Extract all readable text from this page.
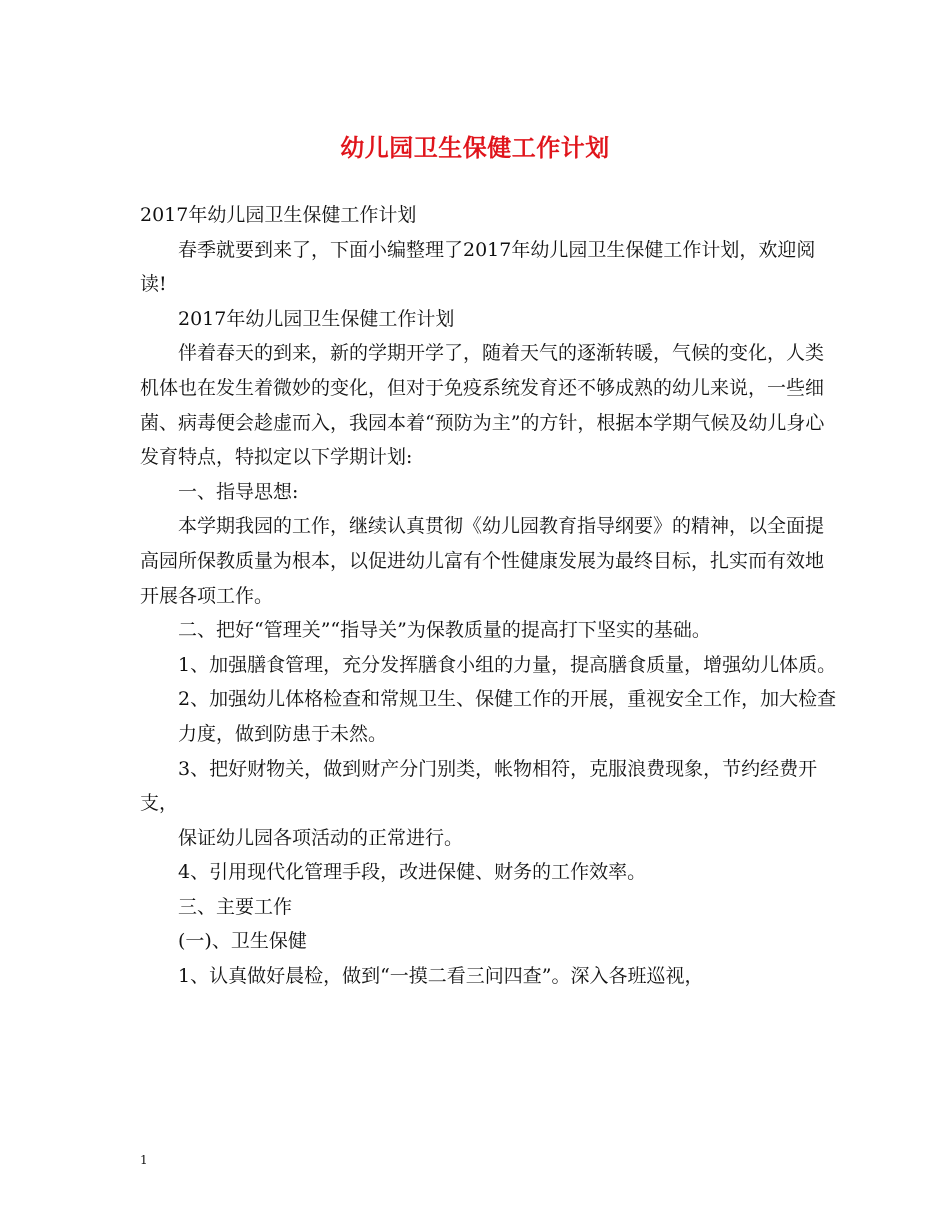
幼儿园卫生保健工作计划

2017年幼儿园卫生保健工作计划

春季就要到来了，下面小编整理了2017年幼儿园卫生保健工作计划，欢迎阅读!

2017年幼儿园卫生保健工作计划

伴着春天的到来，新的学期开学了，随着天气的逐渐转暖，气候的变化，人类机体也在发生着微妙的变化，但对于免疫系统发育还不够成熟的幼儿来说，一些细菌、病毒便会趁虚而入，我园本着“预防为主”的方针，根据本学期气候及幼儿身心发育特点，特拟定以下学期计划:

一、指导思想:

本学期我园的工作，继续认真贯彻《幼儿园教育指导纲要》的精神，以全面提高园所保教质量为根本，以促进幼儿富有个性健康发展为最终目标，扎实而有效地开展各项工作。

二、把好“管理关”“指导关”为保教质量的提高打下坚实的基础。

1、加强膳食管理，充分发挥膳食小组的力量，提高膳食质量，增强幼儿体质。

2、加强幼儿体格检查和常规卫生、保健工作的开展，重视安全工作，加大检查

力度，做到防患于未然。

3、把好财物关，做到财产分门别类，帐物相符，克服浪费现象，节约经费开支，

保证幼儿园各项活动的正常进行。

4、引用现代化管理手段，改进保健、财务的工作效率。

三、主要工作

(一)、卫生保健

1、认真做好晨检，做到“一摸二看三问四查”。深入各班巡视，

1
